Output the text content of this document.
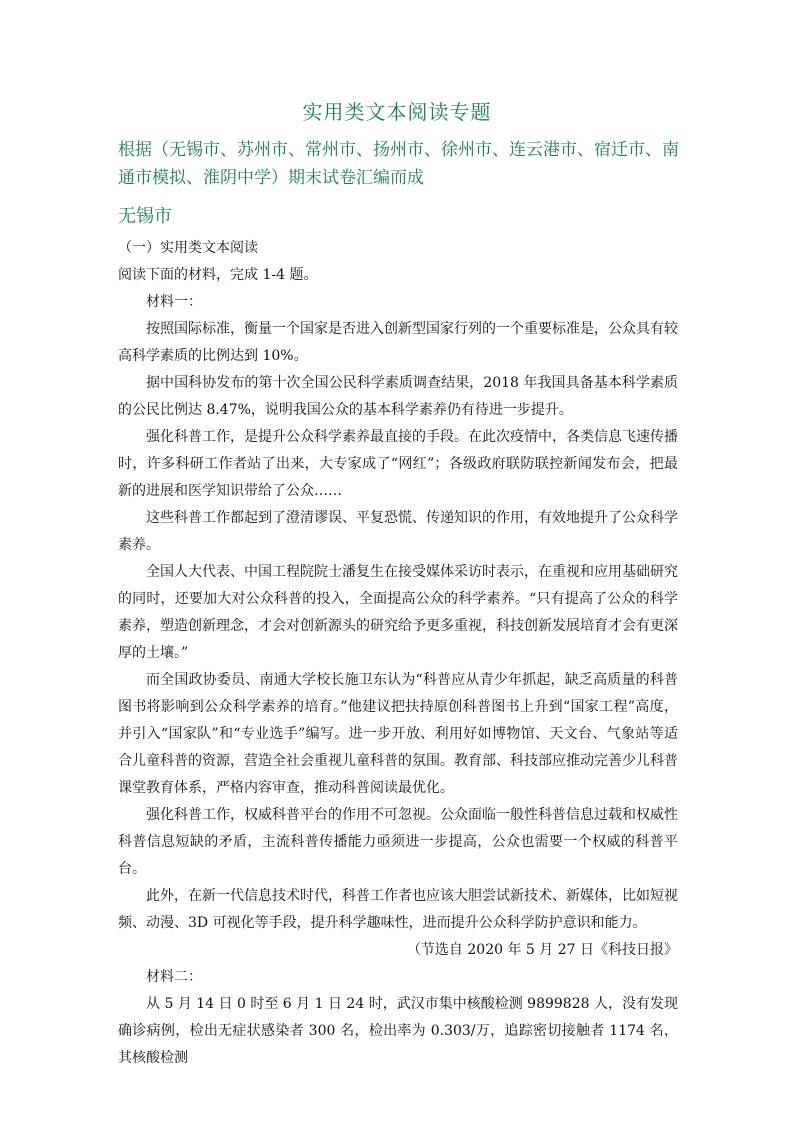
实用类文本阅读专题
根据（无锡市、苏州市、常州市、扬州市、徐州市、连云港市、宿迁市、南通市模拟、淮阴中学）期末试卷汇编而成
无锡市

（一）实用类文本阅读

阅读下面的材料，完成 1-4 题。

材料一：

按照国际标准，衡量一个国家是否进入创新型国家行列的一个重要标准是，公众具有较高科学素质的比例达到 10%。

据中国科协发布的第十次全国公民科学素质调查结果，2018 年我国具备基本科学素质的公民比例达 8.47%，说明我国公众的基本科学素养仍有待进一步提升。

强化科普工作，是提升公众科学素养最直接的手段。在此次疫情中，各类信息飞速传播时，许多科研工作者站了出来，大专家成了“网红”；各级政府联防联控新闻发布会，把最新的进展和医学知识带给了公众……

这些科普工作都起到了澄清谬误、平复恐慌、传递知识的作用，有效地提升了公众科学素养。

全国人大代表、中国工程院院士潘复生在接受媒体采访时表示，在重视和应用基础研究的同时，还要加大对公众科普的投入，全面提高公众的科学素养。“只有提高了公众的科学素养，塑造创新理念，才会对创新源头的研究给予更多重视，科技创新发展培育才会有更深厚的土壤。”

而全国政协委员、南通大学校长施卫东认为“科普应从青少年抓起，缺乏高质量的科普图书将影响到公众科学素养的培育。”他建议把扶持原创科普图书上升到“国家工程”高度，并引入“国家队”和“专业选手”编写。进一步开放、利用好如博物馆、天文台、气象站等适合儿童科普的资源，营造全社会重视儿童科普的氛围。教育部、科技部应推动完善少儿科普课堂教育体系，严格内容审查，推动科普阅读最优化。

强化科普工作，权威科普平台的作用不可忽视。公众面临一般性科普信息过载和权威性科普信息短缺的矛盾，主流科普传播能力亟须进一步提高，公众也需要一个权威的科普平台。

此外，在新一代信息技术时代，科普工作者也应该大胆尝试新技术、新媒体，比如短视频、动漫、3D 可视化等手段，提升科学趣味性，进而提升公众科学防护意识和能力。

（节选自 2020 年 5 月 27 日《科技日报》

材料二：

从 5 月 14 日 0 时至 6 月 1 日 24 时，武汉市集中核酸检测 9899828 人，没有发现确诊病例，检出无症状感染者 300 名，检出率为 0.303/万，追踪密切接触者 1174 名，其核酸检测
